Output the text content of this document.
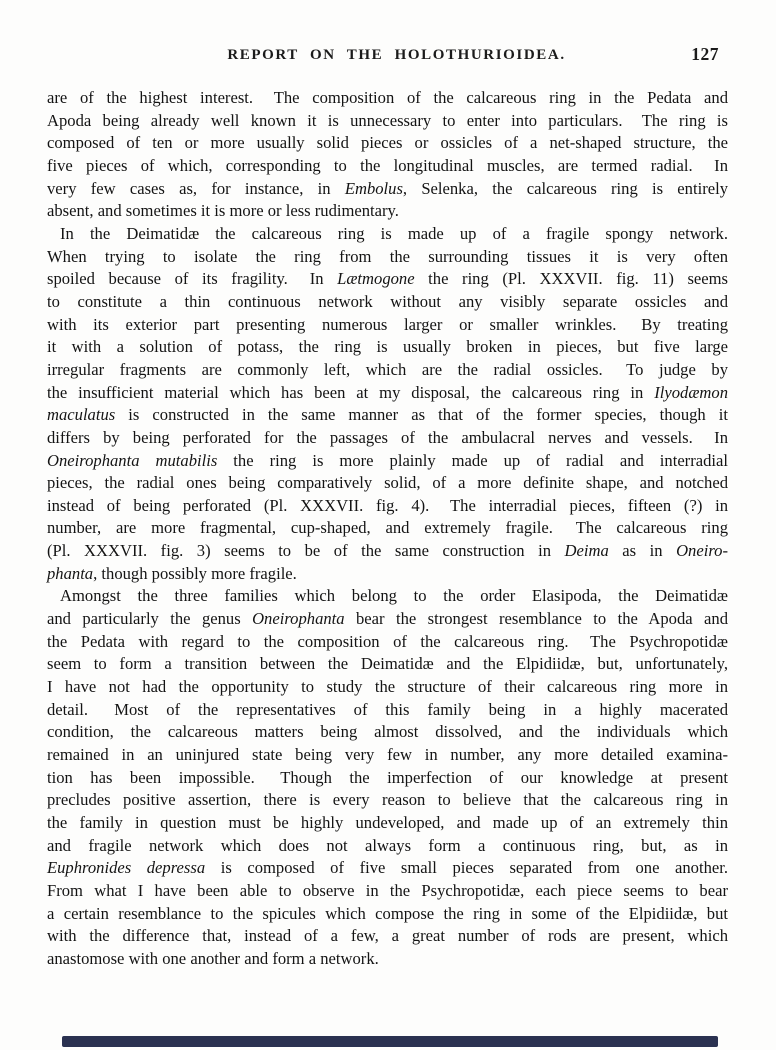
REPORT ON THE HOLOTHURIOIDEA.	127
are of the highest interest.  The composition of the calcareous ring in the Pedata and
Apoda being already well known it is unnecessary to enter into particulars.  The ring is
composed of ten or more usually solid pieces or ossicles of a net-shaped structure, the
five pieces of which, corresponding to the longitudinal muscles, are termed radial.  In
very few cases as, for instance, in Embolus, Selenka, the calcareous ring is entirely
absent, and sometimes it is more or less rudimentary.
In the Deimatidæ the calcareous ring is made up of a fragile spongy network.
When trying to isolate the ring from the surrounding tissues it is very often
spoiled because of its fragility.  In Lætmogone the ring (Pl. XXXVII. fig. 11) seems
to constitute a thin continuous network without any visibly separate ossicles and
with its exterior part presenting numerous larger or smaller wrinkles.  By treating
it with a solution of potass, the ring is usually broken in pieces, but five large
irregular fragments are commonly left, which are the radial ossicles.  To judge by
the insufficient material which has been at my disposal, the calcareous ring in Ilyodæmon
maculatus is constructed in the same manner as that of the former species, though it
differs by being perforated for the passages of the ambulacral nerves and vessels.  In
Oneirophanta mutabilis the ring is more plainly made up of radial and interradial
pieces, the radial ones being comparatively solid, of a more definite shape, and notched
instead of being perforated (Pl. XXXVII. fig. 4).  The interradial pieces, fifteen (?) in
number, are more fragmental, cup-shaped, and extremely fragile.  The calcareous ring
(Pl. XXXVII. fig. 3) seems to be of the same construction in Deima as in Oneiro-
phanta, though possibly more fragile.
Amongst the three families which belong to the order Elasipoda, the Deimatidæ
and particularly the genus Oneirophanta bear the strongest resemblance to the Apoda and
the Pedata with regard to the composition of the calcareous ring.  The Psychropotidæ
seem to form a transition between the Deimatidæ and the Elpidiidæ, but, unfortunately,
I have not had the opportunity to study the structure of their calcareous ring more in
detail.  Most of the representatives of this family being in a highly macerated
condition, the calcareous matters being almost dissolved, and the individuals which
remained in an uninjured state being very few in number, any more detailed examina-
tion has been impossible.  Though the imperfection of our knowledge at present
precludes positive assertion, there is every reason to believe that the calcareous ring in
the family in question must be highly undeveloped, and made up of an extremely thin
and fragile network which does not always form a continuous ring, but, as in
Euphronides depressa is composed of five small pieces separated from one another.
From what I have been able to observe in the Psychropotidæ, each piece seems to bear
a certain resemblance to the spicules which compose the ring in some of the Elpidiidæ, but
with the difference that, instead of a few, a great number of rods are present, which
anastomose with one another and form a network.
